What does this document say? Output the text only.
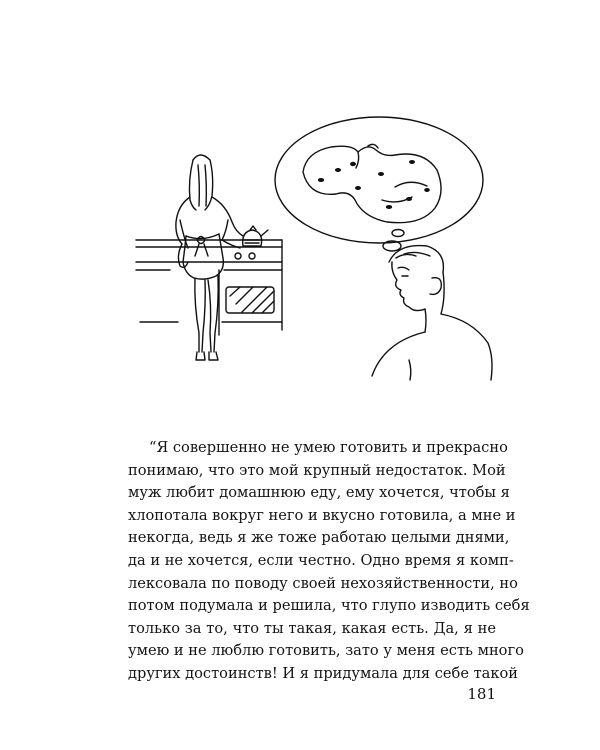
“Я совершенно не умею готовить и прекрасно
понимаю, что это мой крупный недостаток. Мой
муж любит домашнюю еду, ему хочется, чтобы я
хлопотала вокруг него и вкусно готовила, а мне и
некогда, ведь я же тоже работаю целыми днями,
да и не хочется, если честно. Одно время я комп-
лексовала по поводу своей нехозяйственности, но
потом подумала и решила, что глупо изводить себя
только за то, что ты такая, какая есть. Да, я не
умею и не люблю готовить, зато у меня есть много
других достоинств! И я придумала для себе такой
181
